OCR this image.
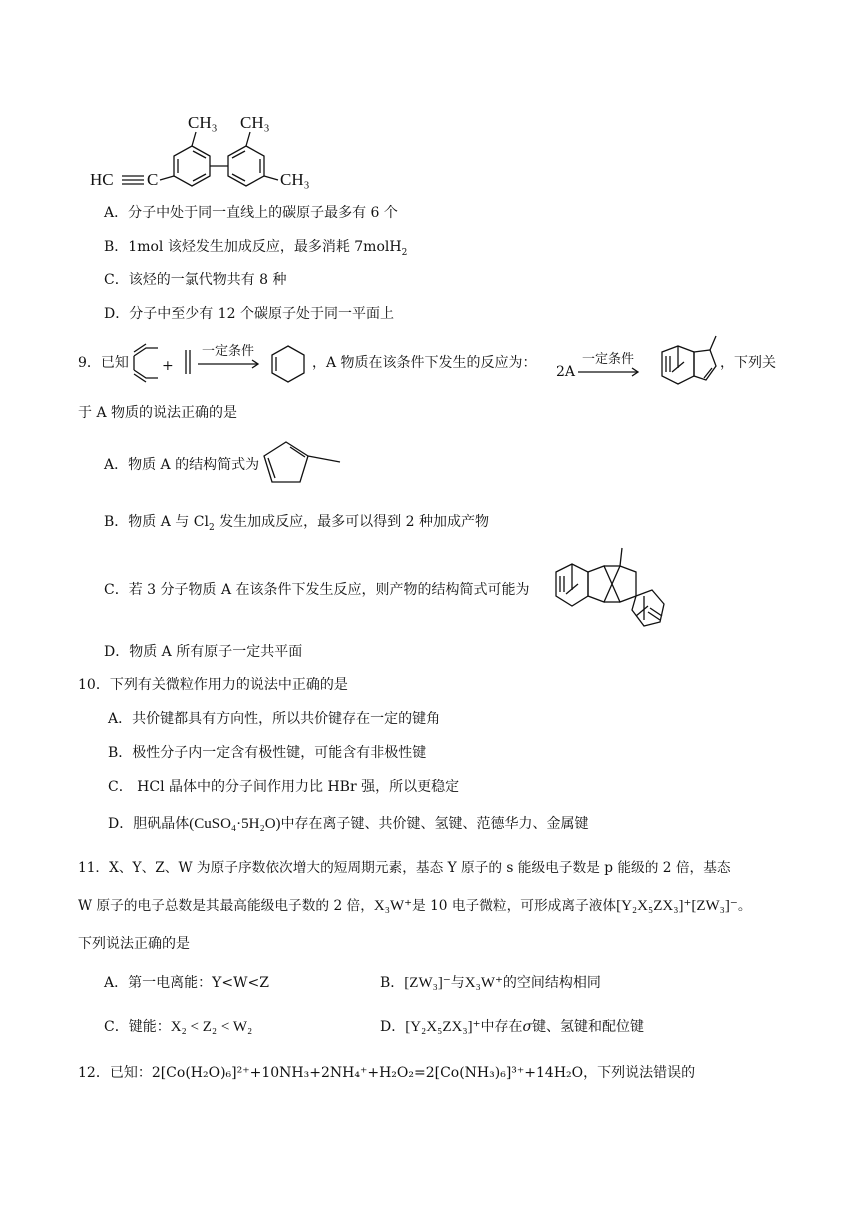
CH₃ CH₃
CH₃
HC C
A．分子中处于同一直线上的碳原子最多有 6 个
B．1mol 该烃发生加成反应，最多消耗 7molH$_2$
C．该烃的一氯代物共有 8 种
D．分子中至少有 12 个碳原子处于同一平面上
9．已知 +
一定条件
，A 物质在该条件下发生的反应为：
2A
一定条件	，下列关
于 A 物质的说法正确的是
A．物质 A 的结构简式为
B．物质 A 与 $Cl_2$ 发生加成反应，最多可以得到 2 种加成产物
C．若 3 分子物质 A 在该条件下发生反应，则产物的结构简式可能为
D．物质 A 所有原子一定共平面
10．下列有关微粒作用力的说法中正确的是
A．共价键都具有方向性，所以共价键存在一定的键角
B．极性分子内一定含有极性键，可能含有非极性键
C． HCl 晶体中的分子间作用力比 HBr 强，所以更稳定
D．胆矾晶体(CuSO₄·5H₂O)中存在离子键、共价键、氢键、范德华力、金属键
11．X、Y、Z、W 为原子序数依次增大的短周期元素，基态 Y 原子的 s 能级电子数是 p 能级的 2 倍，基态
W 原子的电子总数是其最高能级电子数的 2 倍，X₃W⁺是 10 电子微粒，可形成离子液体[Y₂X₅ZX₃]⁺[ZW₃]⁻。
下列说法正确的是
A．第一电离能：Y<W<Z	B．[ZW₃]⁻与X₃W⁺的空间结构相同
C．键能：X₂ < Z₂ < W₂	D．[Y₂X₅ZX₃]⁺中存在σ键、氢键和配位键
12．已知：2[Co(H₂O)₆]²⁺+10NH₃+2NH₄⁺+H₂O₂=2[Co(NH₃)₆]³⁺+14H₂O，下列说法错误的
